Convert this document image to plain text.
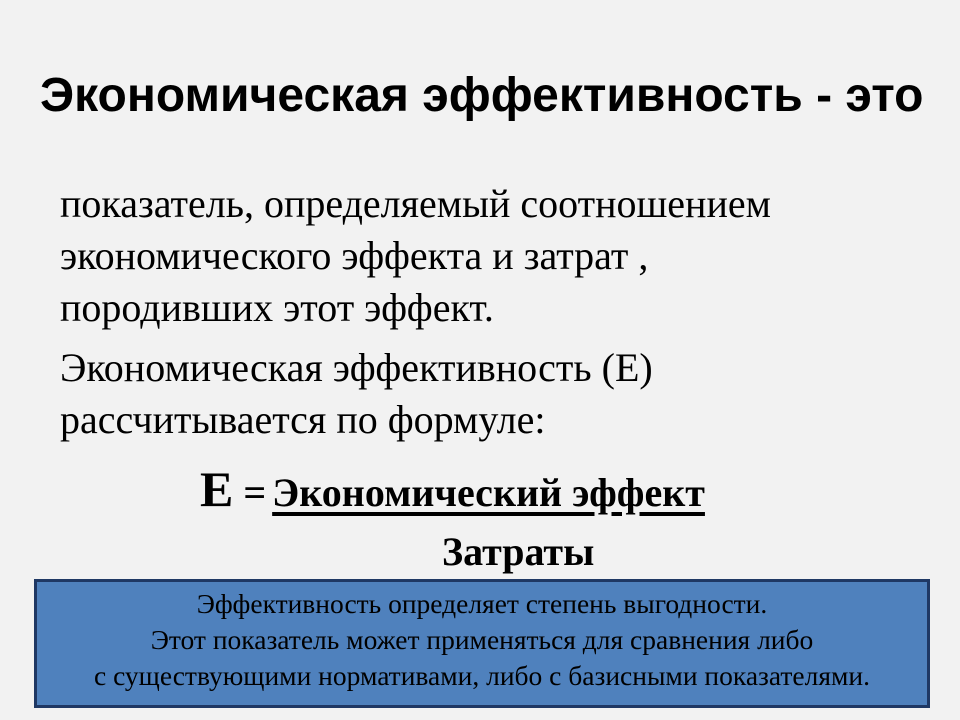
Экономическая эффективность - это

показатель, определяемый соотношением
экономического эффекта и затрат ,
породивших этот эффект.

Экономическая эффективность (Е)
рассчитывается по формуле:

Е = Экономический эффект
Затраты
Эффективность определяет степень выгодности.
Этот показатель может применяться для сравнения либо
с существующими нормативами, либо с базисными показателями.
